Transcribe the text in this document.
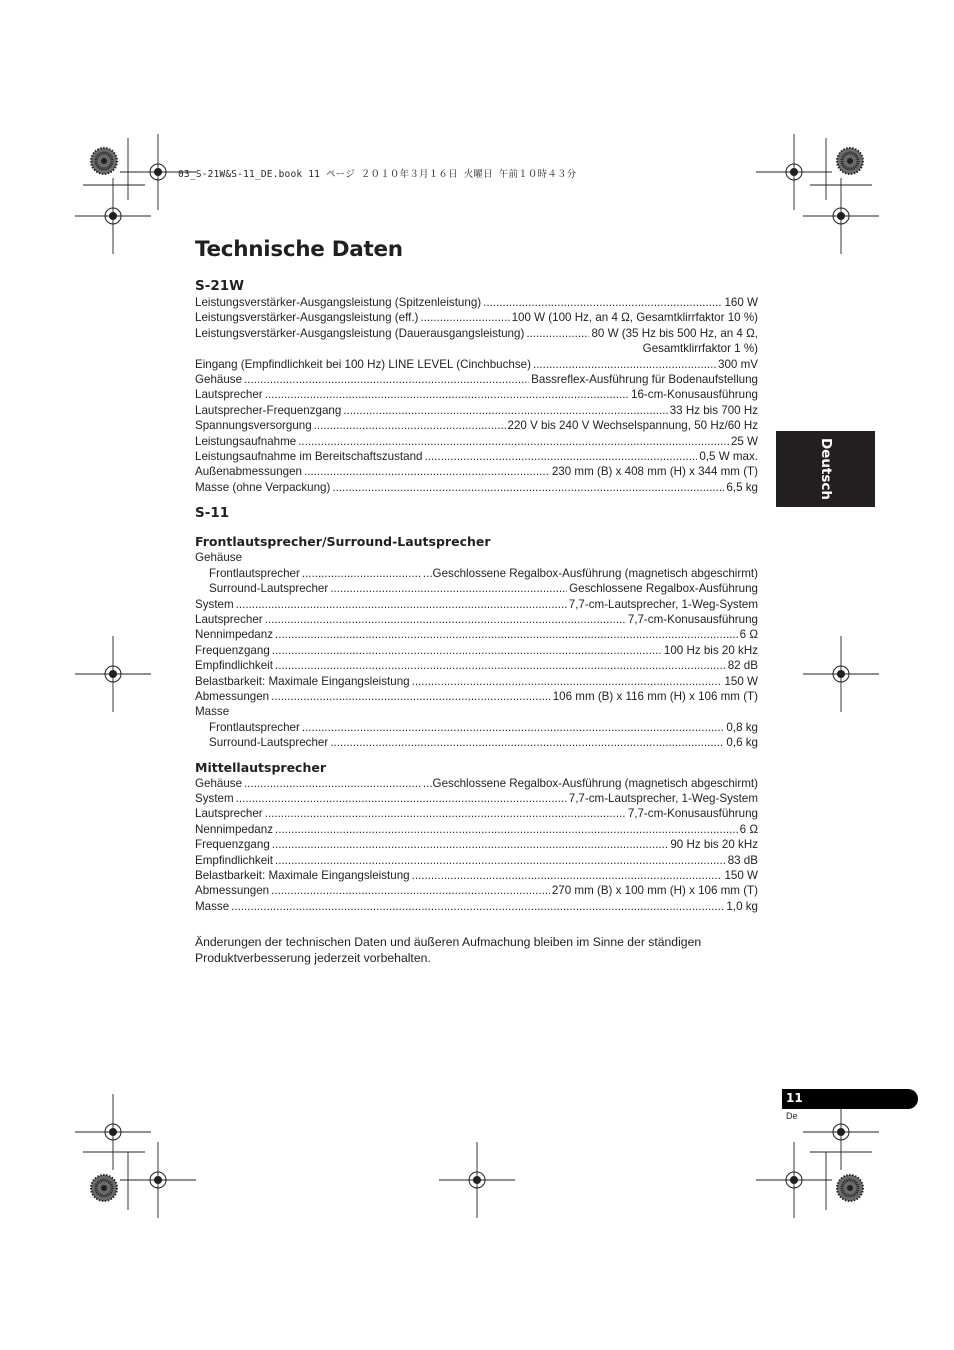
03_S-21W&S-11_DE.book 11 ページ ２０１０年３月１６日 火曜日 午前１０時４３分
Deutsch
Technische Daten
S-21W
Leistungsverstärker-Ausgangsleistung (Spitzenleistung) .....	160 W
Leistungsverstärker-Ausgangsleistung (eff.) .....	100 W (100 Hz, an 4 Ω, Gesamtklirrfaktor 10 %)
Leistungsverstärker-Ausgangsleistung (Dauerausgangsleistung) .....	80 W (35 Hz bis 500 Hz, an 4 Ω,
Gesamtklirrfaktor 1 %)
Eingang (Empfindlichkeit bei 100 Hz) LINE LEVEL (Cinchbuchse) .....	300 mV
Gehäuse .....	Bassreflex-Ausführung für Bodenaufstellung
Lautsprecher .....	16-cm-Konusausführung
Lautsprecher-Frequenzgang .....	33 Hz bis 700 Hz
Spannungsversorgung .....	220 V bis 240 V Wechselspannung, 50 Hz/60 Hz
Leistungsaufnahme .....	25 W
Leistungsaufnahme im Bereitschaftszustand .....	0,5 W max.
Außenabmessungen .....	230 mm (B) x 408 mm (H) x 344 mm (T)
Masse (ohne Verpackung) .....	6,5 kg
S-11
Frontlautsprecher/Surround-Lautsprecher
Gehäuse
Frontlautsprecher .....	...Geschlossene Regalbox-Ausführung (magnetisch abgeschirmt)
Surround-Lautsprecher .....	Geschlossene Regalbox-Ausführung
System .....	7,7-cm-Lautsprecher, 1-Weg-System
Lautsprecher .....	7,7-cm-Konusausführung
Nennimpedanz .....	6 Ω
Frequenzgang .....	100 Hz bis 20 kHz
Empfindlichkeit .....	82 dB
Belastbarkeit: Maximale Eingangsleistung .....	150 W
Abmessungen .....	106 mm (B) x 116 mm (H) x 106 mm (T)
Masse
Frontlautsprecher .....	0,8 kg
Surround-Lautsprecher .....	0,6 kg
Mittellautsprecher
Gehäuse .....	...Geschlossene Regalbox-Ausführung (magnetisch abgeschirmt)
System .....	7,7-cm-Lautsprecher, 1-Weg-System
Lautsprecher .....	7,7-cm-Konusausführung
Nennimpedanz .....	6 Ω
Frequenzgang .....	90 Hz bis 20 kHz
Empfindlichkeit .....	83 dB
Belastbarkeit: Maximale Eingangsleistung .....	150 W
Abmessungen .....	270 mm (B) x 100 mm (H) x 106 mm (T)
Masse .....	1,0 kg

Änderungen der technischen Daten und äußeren Aufmachung bleiben im Sinne der ständigen Produktverbesserung jederzeit vorbehalten.

11
De
